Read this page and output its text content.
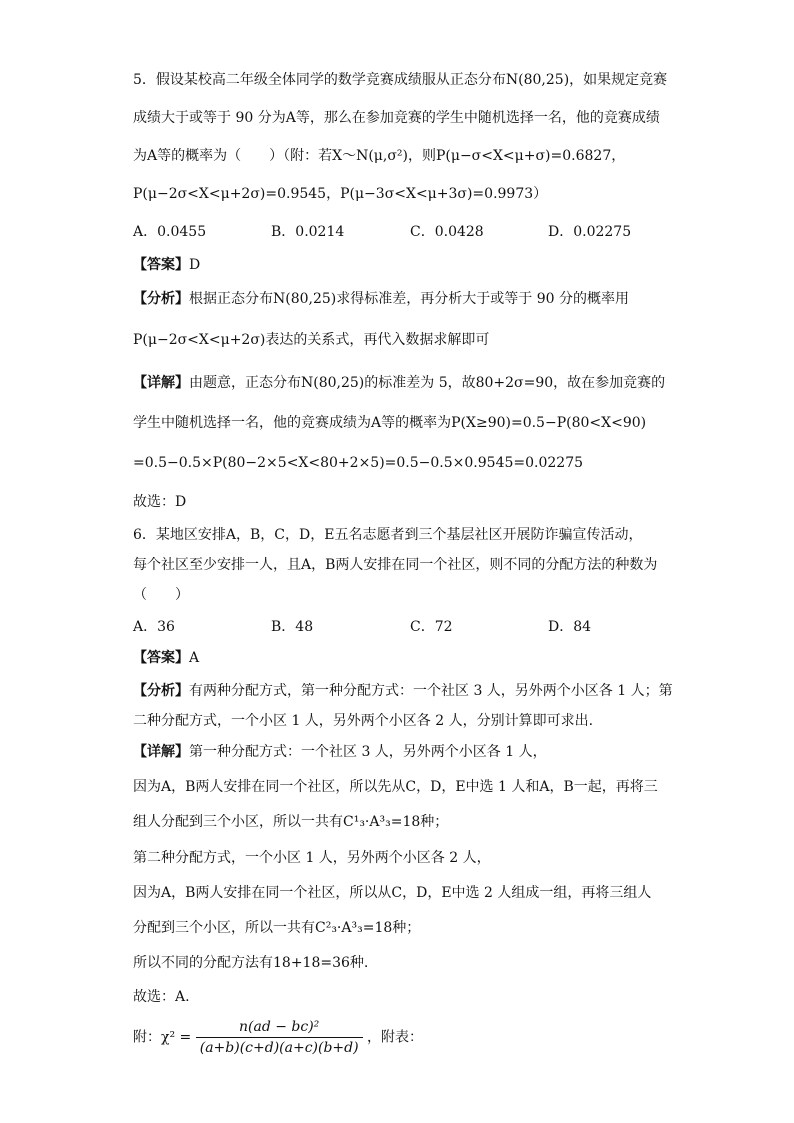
5．假设某校高二年级全体同学的数学竞赛成绩服从正态分布N(80,25)，如果规定竞赛
成绩大于或等于 90 分为A等，那么在参加竞赛的学生中随机选择一名，他的竞赛成绩
为A等的概率为（　　）（附：若X～N(μ,σ²)，则P(μ−σ<X<μ+σ)=0.6827，
P(μ−2σ<X<μ+2σ)=0.9545，P(μ−3σ<X<μ+3σ)=0.9973）
A．0.0455	B．0.0214	C．0.0428	D．0.02275
【答案】D
【分析】根据正态分布N(80,25)求得标准差，再分析大于或等于 90 分的概率用
P(μ−2σ<X<μ+2σ)表达的关系式，再代入数据求解即可
【详解】由题意，正态分布N(80,25)的标准差为 5，故80+2σ=90，故在参加竞赛的
学生中随机选择一名，他的竞赛成绩为A等的概率为P(X≥90)=0.5−P(80<X<90)
=0.5−0.5×P(80−2×5<X<80+2×5)=0.5−0.5×0.9545=0.02275
故选：D
6．某地区安排A，B，C，D，E五名志愿者到三个基层社区开展防诈骗宣传活动，
每个社区至少安排一人，且A，B两人安排在同一个社区，则不同的分配方法的种数为
（　　）
A．36	B．48	C．72	D．84
【答案】A
【分析】有两种分配方式，第一种分配方式：一个社区 3 人，另外两个小区各 1 人；第
二种分配方式，一个小区 1 人，另外两个小区各 2 人，分别计算即可求出.
【详解】第一种分配方式：一个社区 3 人，另外两个小区各 1 人，
因为A，B两人安排在同一个社区，所以先从C，D，E中选 1 人和A，B一起，再将三
组人分配到三个小区，所以一共有C¹₃·A³₃=18种；
第二种分配方式，一个小区 1 人，另外两个小区各 2 人，
因为A，B两人安排在同一个社区，所以从C，D，E中选 2 人组成一组，再将三组人
分配到三个小区，所以一共有C²₃·A³₃=18种；
所以不同的分配方法有18+18=36种.
故选：A.
附：$\chi^2 = \frac{\text{n(ad − bc)²}}{(a+b)(c+d)(a+c)(b+d)}$ ，附表：
